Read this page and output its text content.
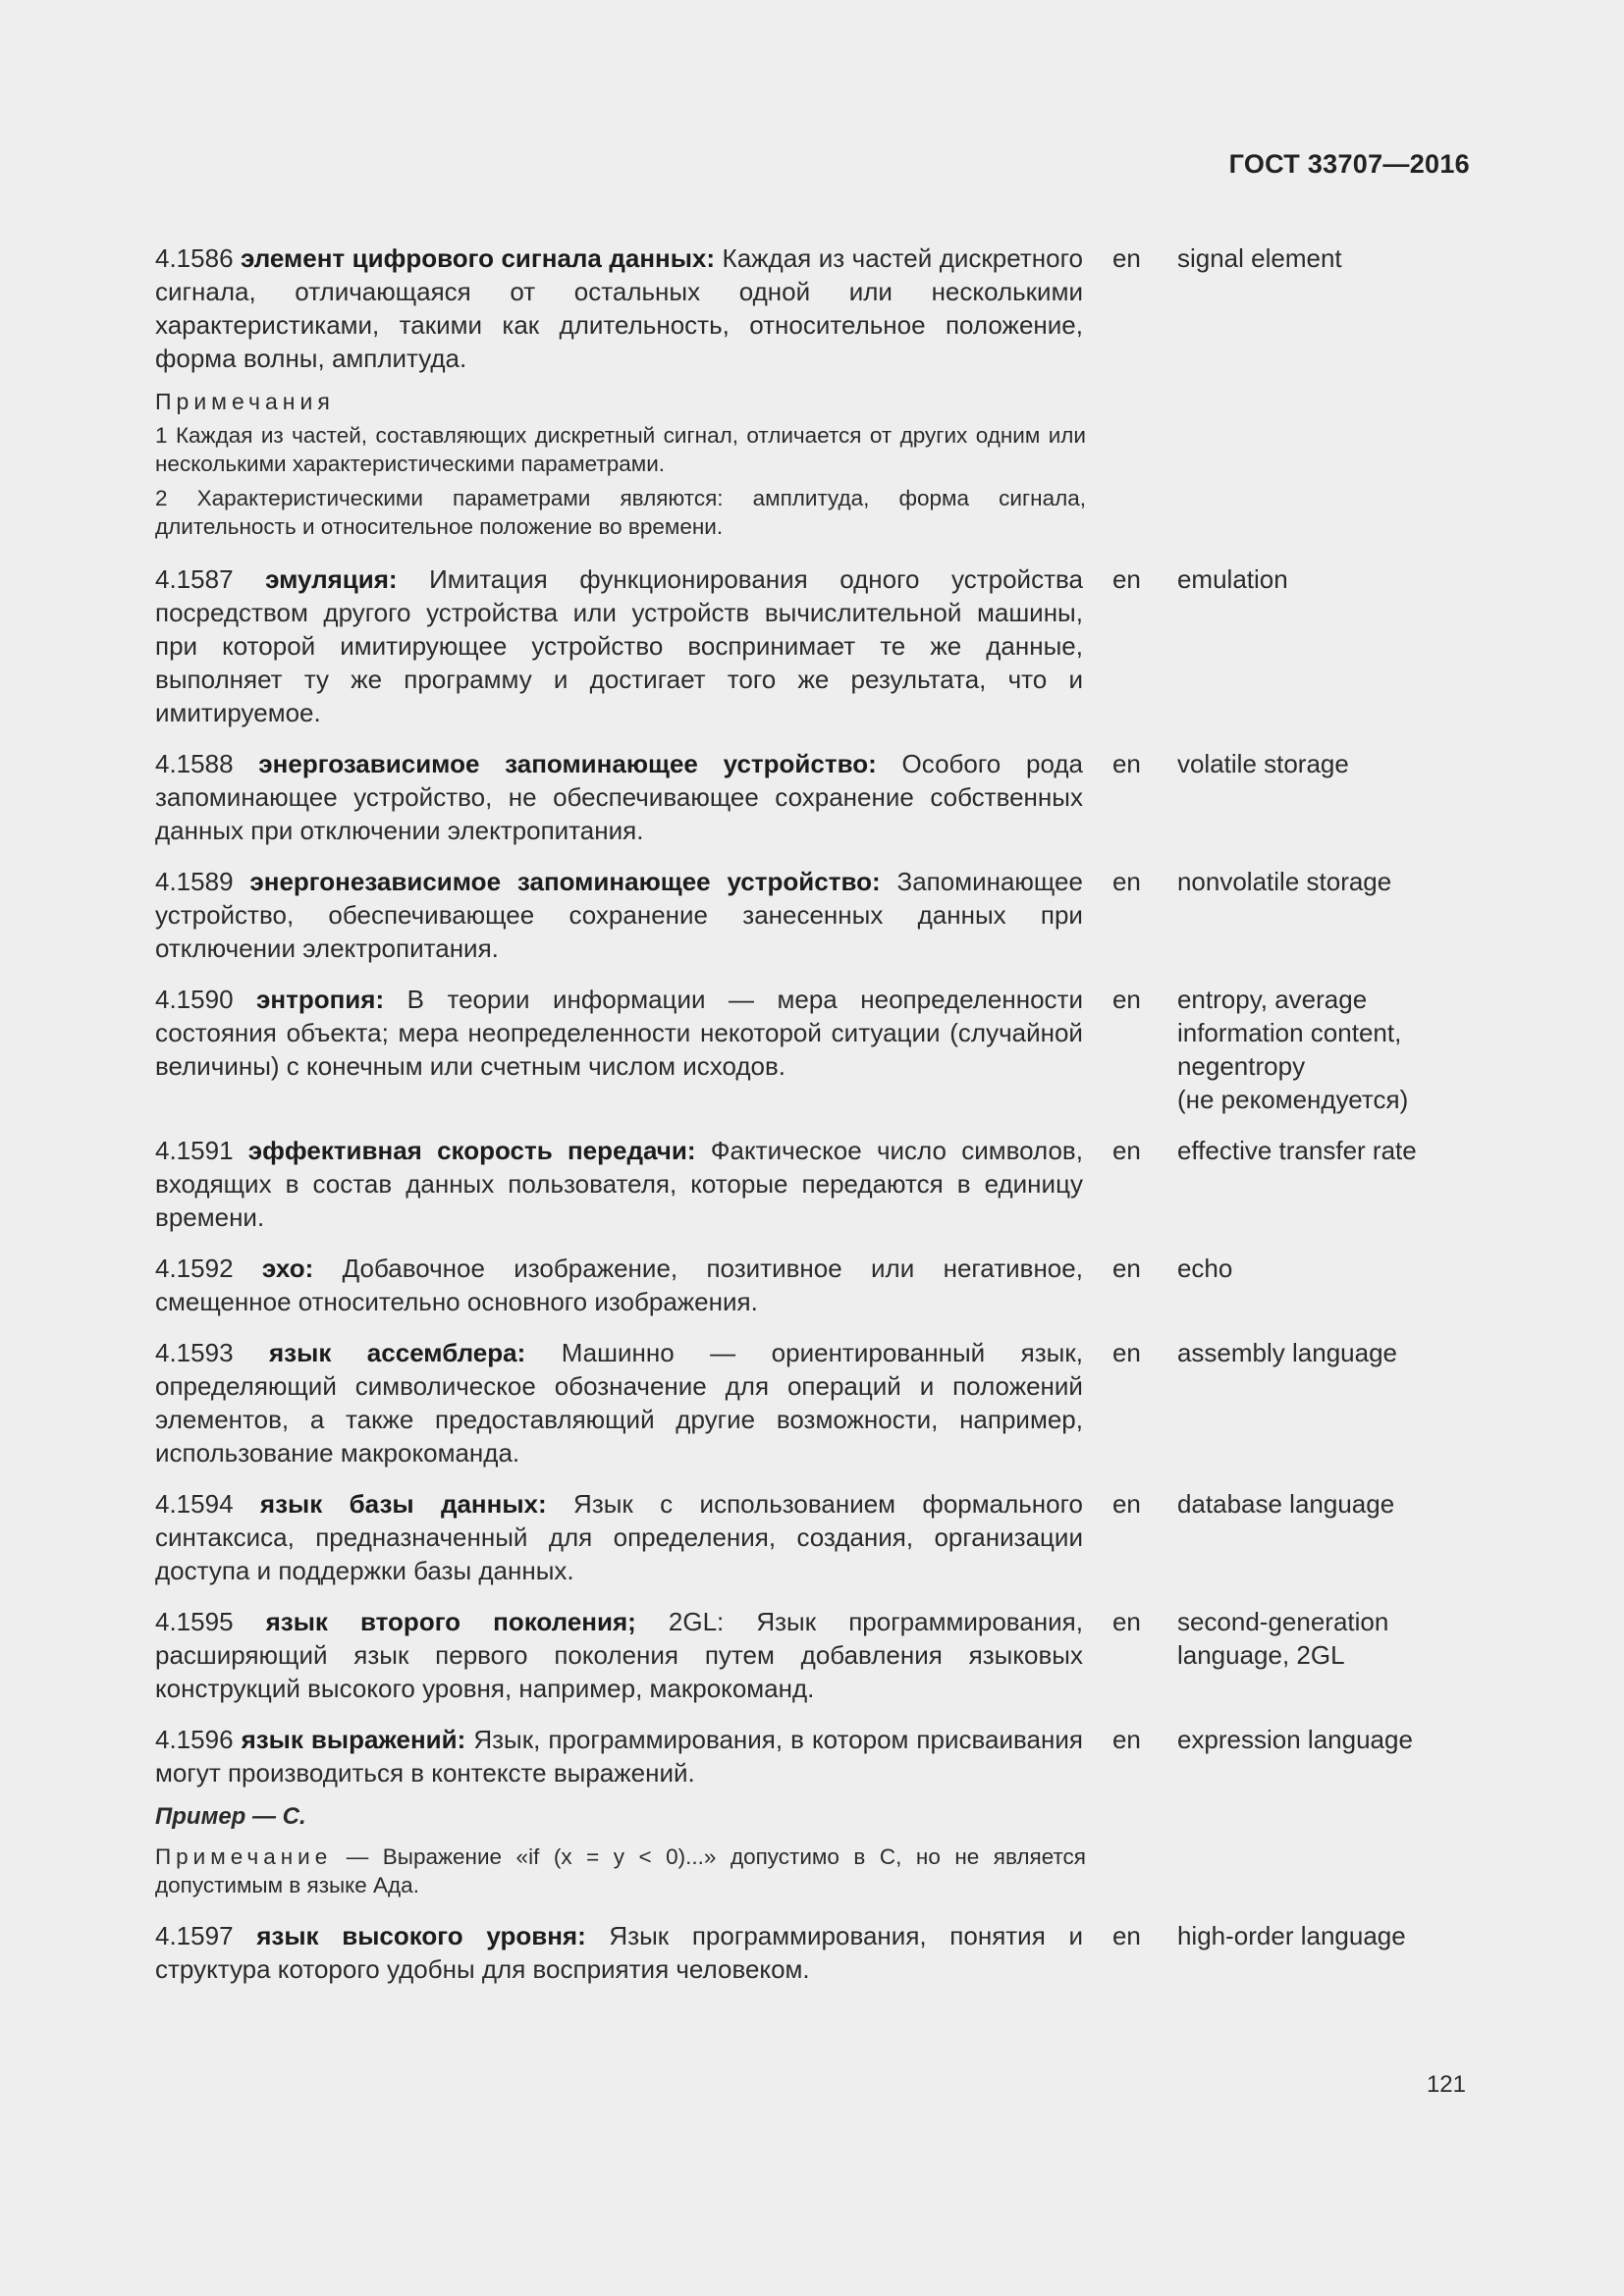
ГОСТ 33707—2016
4.1586 элемент цифрового сигнала данных: Каждая из частей дискретного сигнала, отличающаяся от остальных одной или несколькими характеристиками, такими как длительность, относительное положение, форма волны, амплитуда.
en signal element
Примечания
1 Каждая из частей, составляющих дискретный сигнал, отличается от других одним или несколькими характеристическими параметрами.
2 Характеристическими параметрами являются: амплитуда, форма сигнала, длительность и относительное положение во времени.
4.1587 эмуляция: Имитация функционирования одного устройства посредством другого устройства или устройств вычислительной машины, при которой имитирующее устройство воспринимает те же данные, выполняет ту же программу и достигает того же результата, что и имитируемое.
en emulation
4.1588 энергозависимое запоминающее устройство: Особого рода запоминающее устройство, не обеспечивающее сохранение собственных данных при отключении электропитания.
en volatile storage
4.1589 энергонезависимое запоминающее устройство: Запоминающее устройство, обеспечивающее сохранение занесенных данных при отключении электропитания.
en nonvolatile storage
4.1590 энтропия: В теории информации — мера неопределенности состояния объекта; мера неопределенности некоторой ситуации (случайной величины) с конечным или счетным числом исходов.
en entropy, average
information content,
negentropy
(не рекомендуется)
4.1591 эффективная скорость передачи: Фактическое число символов, входящих в состав данных пользователя, которые передаются в единицу времени.
en effective transfer rate
4.1592 эхо: Добавочное изображение, позитивное или негативное, смещенное относительно основного изображения.
en echo
4.1593 язык ассемблера: Машинно — ориентированный язык, определяющий символическое обозначение для операций и положений элементов, а также предоставляющий другие возможности, например, использование макрокоманда.
en assembly language
4.1594 язык базы данных: Язык с использованием формального синтаксиса, предназначенный для определения, создания, организации доступа и поддержки базы данных.
en database language
4.1595 язык второго поколения; 2GL: Язык программирования, расширяющий язык первого поколения путем добавления языковых конструкций высокого уровня, например, макрокоманд.
en second-generation
language, 2GL
4.1596 язык выражений: Язык, программирования, в котором присваивания могут производиться в контексте выражений.
en expression language
Пример — С.
Примечание — Выражение «if (x = y < 0)...» допустимо в С, но не является допустимым в языке Ада.
4.1597 язык высокого уровня: Язык программирования, понятия и структура которого удобны для восприятия человеком.
en high-order language
121
